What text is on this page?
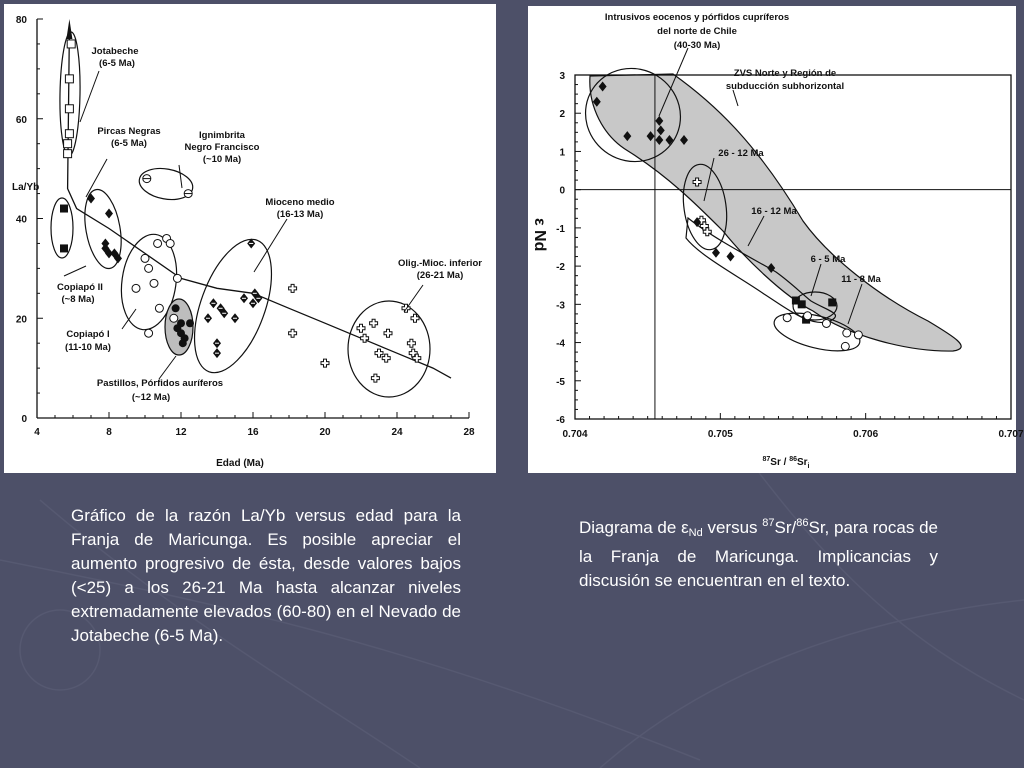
4	8	12	16	20	24	28
0
20
40
60
80
Jotabeche
(6-5 Ma)
Pircas Negras
(6-5 Ma)
Ignimbrita
Negro Francisco
(~10 Ma)
Mioceno medio
(16-13 Ma)
Olig.-Mioc. inferior
(26-21 Ma)
Copiapó II
(~8 Ma)
Copiapó I
(11-10 Ma)
Pastillos, Pórfidos auríferos
(~12 Ma)
La/Yb
Edad (Ma)
0.704	0.705	0.706	0.707
3
2
1
0
-1
-2
-3
-4
-5
-6
Intrusivos eocenos y pórfidos cupríferos
del norte de Chile
(40-30 Ma)
ZVS Norte y Región de
subducción subhorizontal
26 - 12 Ma
16 - 12 Ma
6 - 5 Ma
11 - 8 Ma
ε Nd
$^{87}Sr / ^{86}Sr_i$
Gráfico de la razón La/Yb versus edad para la Franja de Maricunga. Es posible apreciar el aumento progresivo de ésta, desde valores bajos (<25) a los 26-21 Ma hasta alcanzar niveles extremadamente elevados (60-80) en el Nevado de Jotabeche (6-5 Ma).
Diagrama de $\varepsilon_{Nd}$ versus $^{87}$Sr/$^{86}$Sr, para rocas de la Franja de Maricunga. Implicancias y discusión se encuentran en el texto.
